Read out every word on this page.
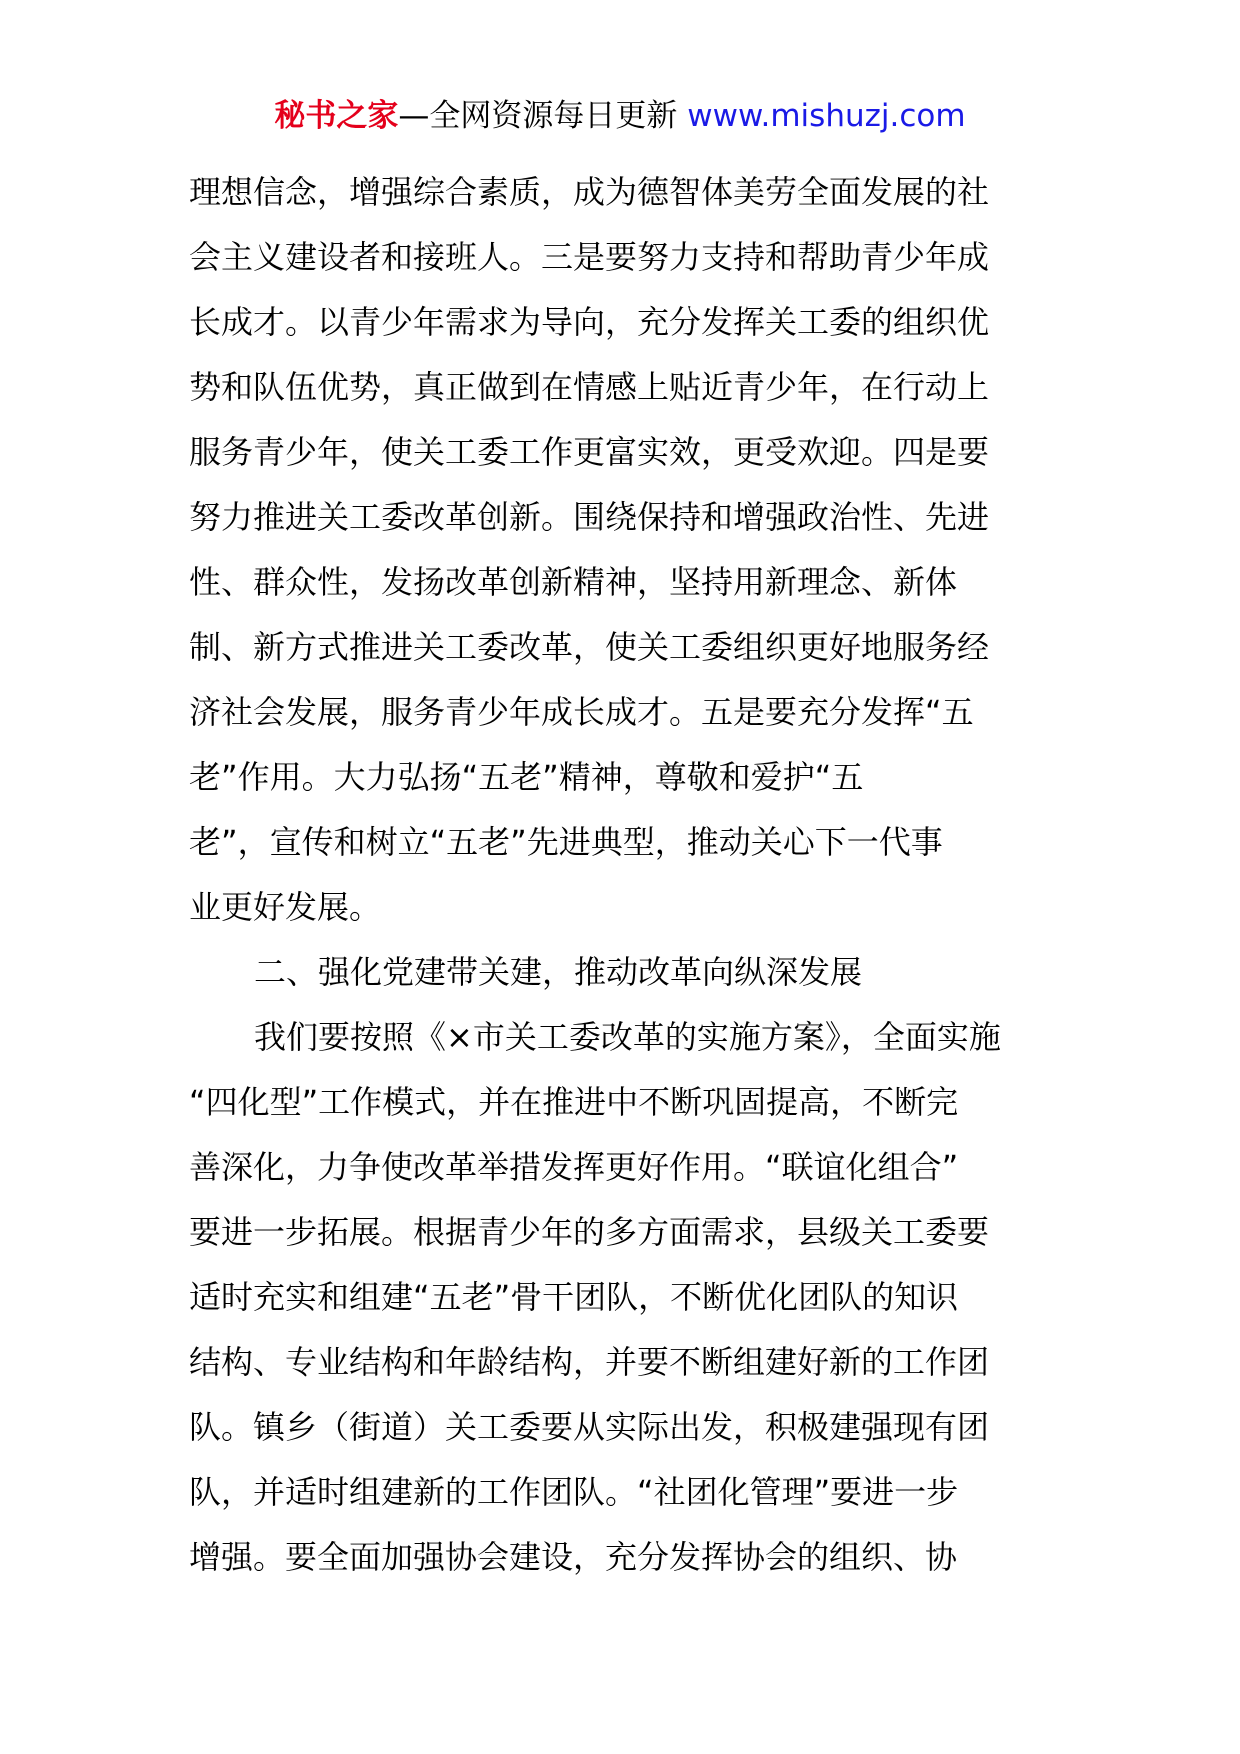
秘书之家—全网资源每日更新 www.mishuzj.com
理想信念，增强综合素质，成为德智体美劳全面发展的社
会主义建设者和接班人。三是要努力支持和帮助青少年成
长成才。以青少年需求为导向，充分发挥关工委的组织优
势和队伍优势，真正做到在情感上贴近青少年，在行动上
服务青少年，使关工委工作更富实效，更受欢迎。四是要
努力推进关工委改革创新。围绕保持和增强政治性、先进
性、群众性，发扬改革创新精神，坚持用新理念、新体
制、新方式推进关工委改革，使关工委组织更好地服务经
济社会发展，服务青少年成长成才。五是要充分发挥“五
老”作用。大力弘扬“五老”精神，尊敬和爱护“五
老”，宣传和树立“五老”先进典型，推动关心下一代事
业更好发展。
二、强化党建带关建，推动改革向纵深发展
我们要按照《×市关工委改革的实施方案》，全面实施
“四化型”工作模式，并在推进中不断巩固提高，不断完
善深化，力争使改革举措发挥更好作用。“联谊化组合”
要进一步拓展。根据青少年的多方面需求，县级关工委要
适时充实和组建“五老”骨干团队，不断优化团队的知识
结构、专业结构和年龄结构，并要不断组建好新的工作团
队。镇乡（街道）关工委要从实际出发，积极建强现有团
队，并适时组建新的工作团队。“社团化管理”要进一步
增强。要全面加强协会建设，充分发挥协会的组织、协
